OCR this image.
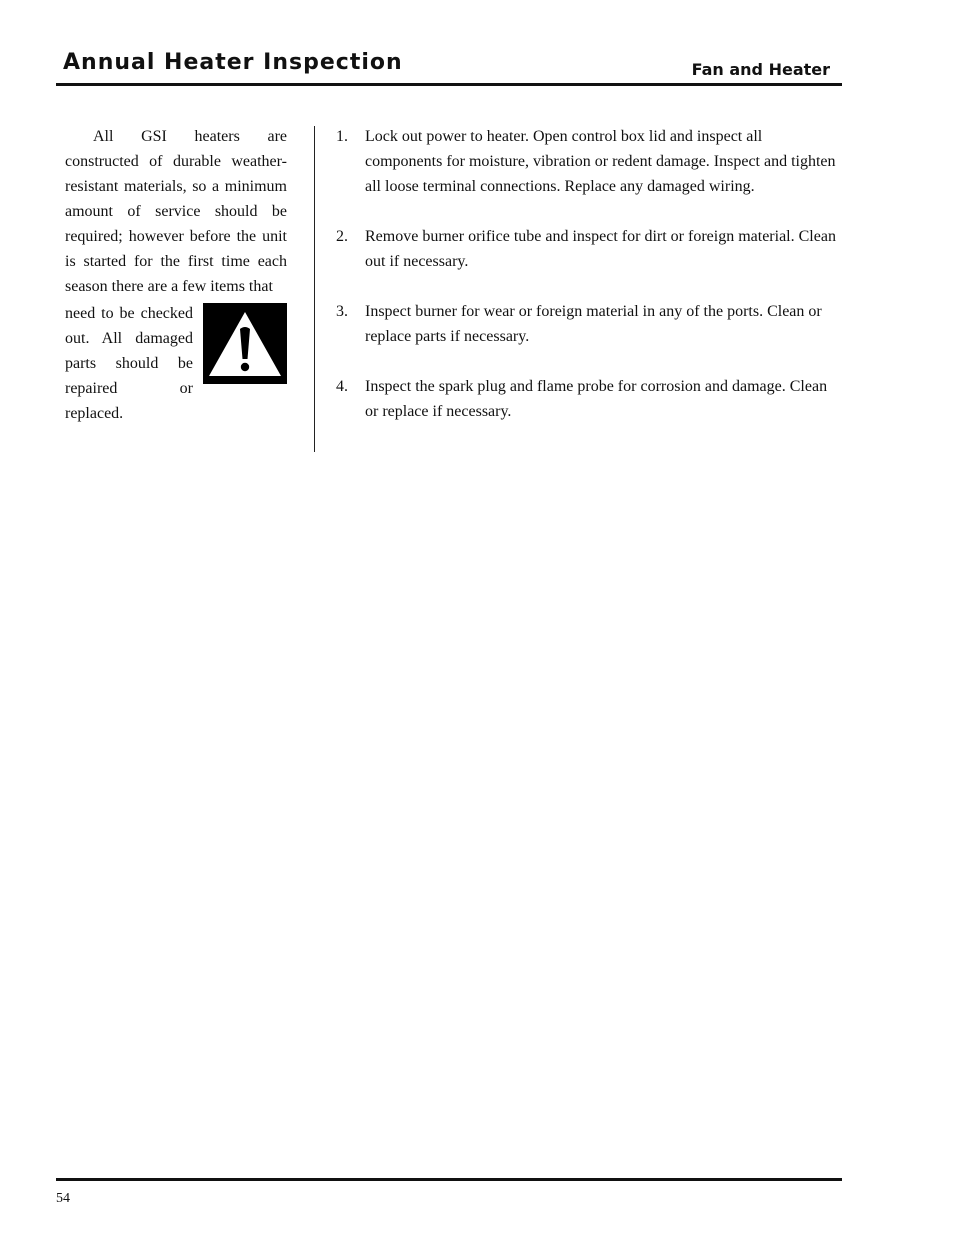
Annual Heater Inspection	Fan and Heater

All GSI heaters are constructed of durable weather-resistant materials, so a minimum amount of service should be required; however before the unit is started for the first time each season there are a few items that

need to be checked out. All damaged parts should be repaired or replaced.

1. Lock out power to heater. Open control box lid and inspect all components for moisture, vibration or redent damage. Inspect and tighten all loose terminal connections. Replace any damaged wiring.
2. Remove burner orifice tube and inspect for dirt or foreign material. Clean out if necessary.
3. Inspect burner for wear or foreign material in any of the ports. Clean or replace parts if necessary.
4. Inspect the spark plug and flame probe for corrosion and damage. Clean or replace if necessary.
54
